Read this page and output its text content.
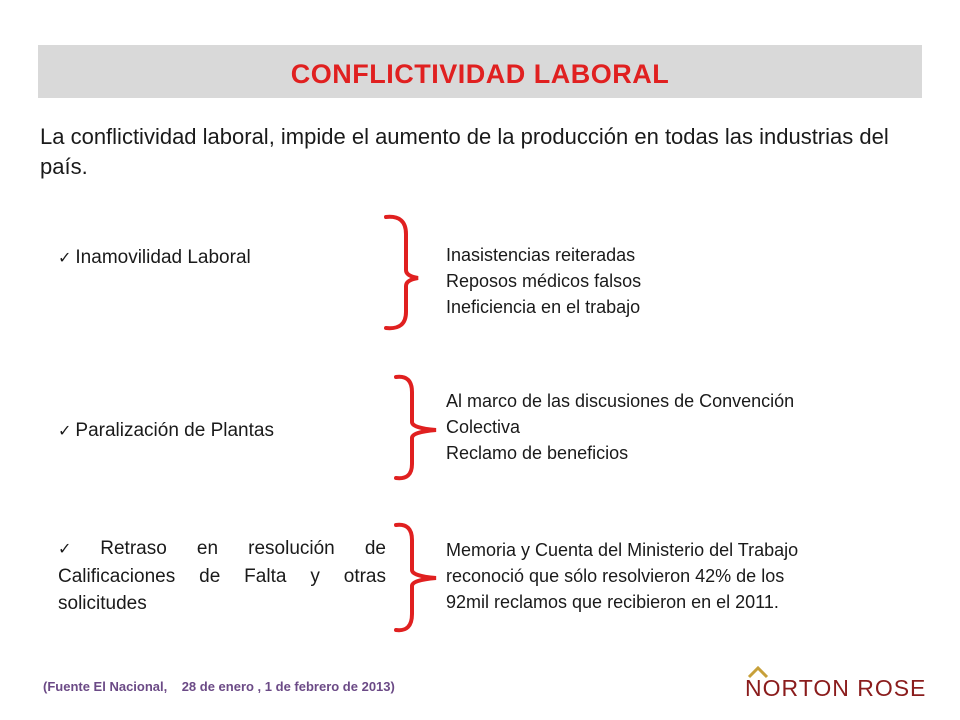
CONFLICTIVIDAD LABORAL

La conflictividad laboral, impide el aumento de la producción en todas las industrias del país.

✓ Inamovilidad Laboral	Inasistencias reiteradas
Reposos médicos falsos
Ineficiencia en el trabajo
✓ Paralización de Plantas
Al marco de las discusiones de Convención
Colectiva
Reclamo de beneficios
✓ Retraso en resolución de Calificaciones de Falta y otras solicitudes
Memoria y Cuenta del Ministerio del Trabajo
reconoció que sólo resolvieron 42% de los
92mil reclamos que recibieron en el 2011.

(Fuente El Nacional,    28 de enero , 1 de febrero de 2013)	NORTON ROSE
